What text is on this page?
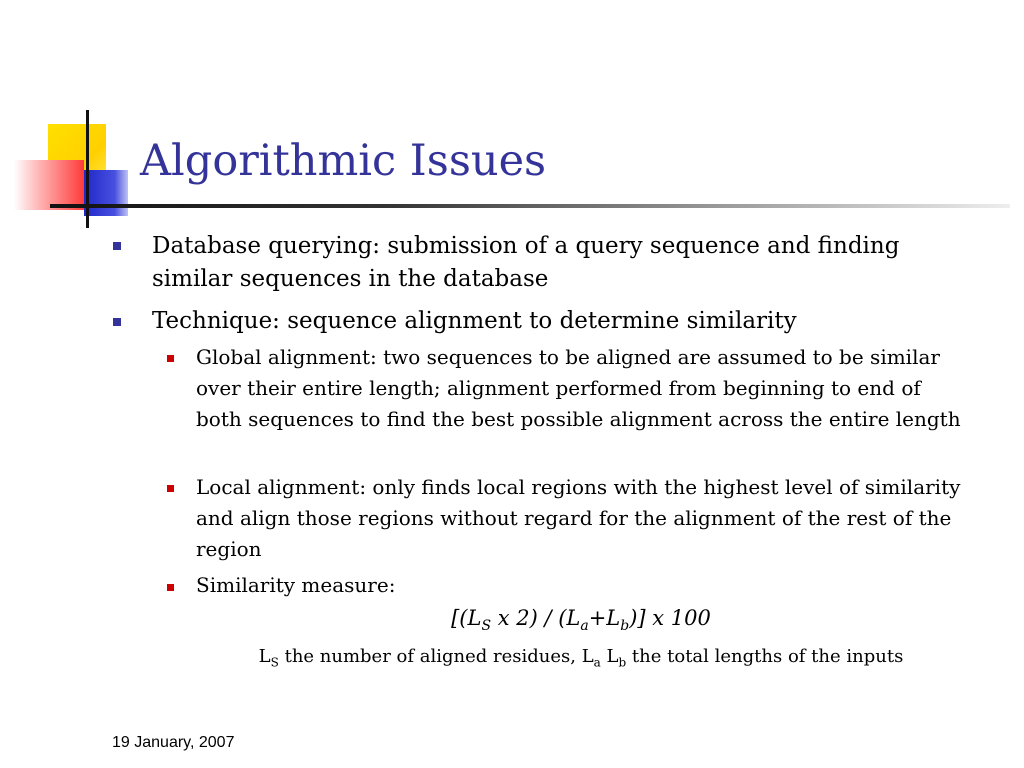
Algorithmic Issues
Database querying: submission of a query sequence and finding similar sequences in the database
Technique: sequence alignment to determine similarity
Global alignment: two sequences to be aligned are assumed to be similar over their entire length; alignment performed from beginning to end of both sequences to find the best possible alignment across the entire length
Local alignment: only finds local regions with the highest level of similarity and align those regions without regard for the alignment of the rest of the region
Similarity measure:
[($L_S$ x $2) / (L_a+L_b)$] x 100
$L_S$ the number of aligned residues, $L_a$ $L_b$ the total lengths of the inputs
19 January, 2007
